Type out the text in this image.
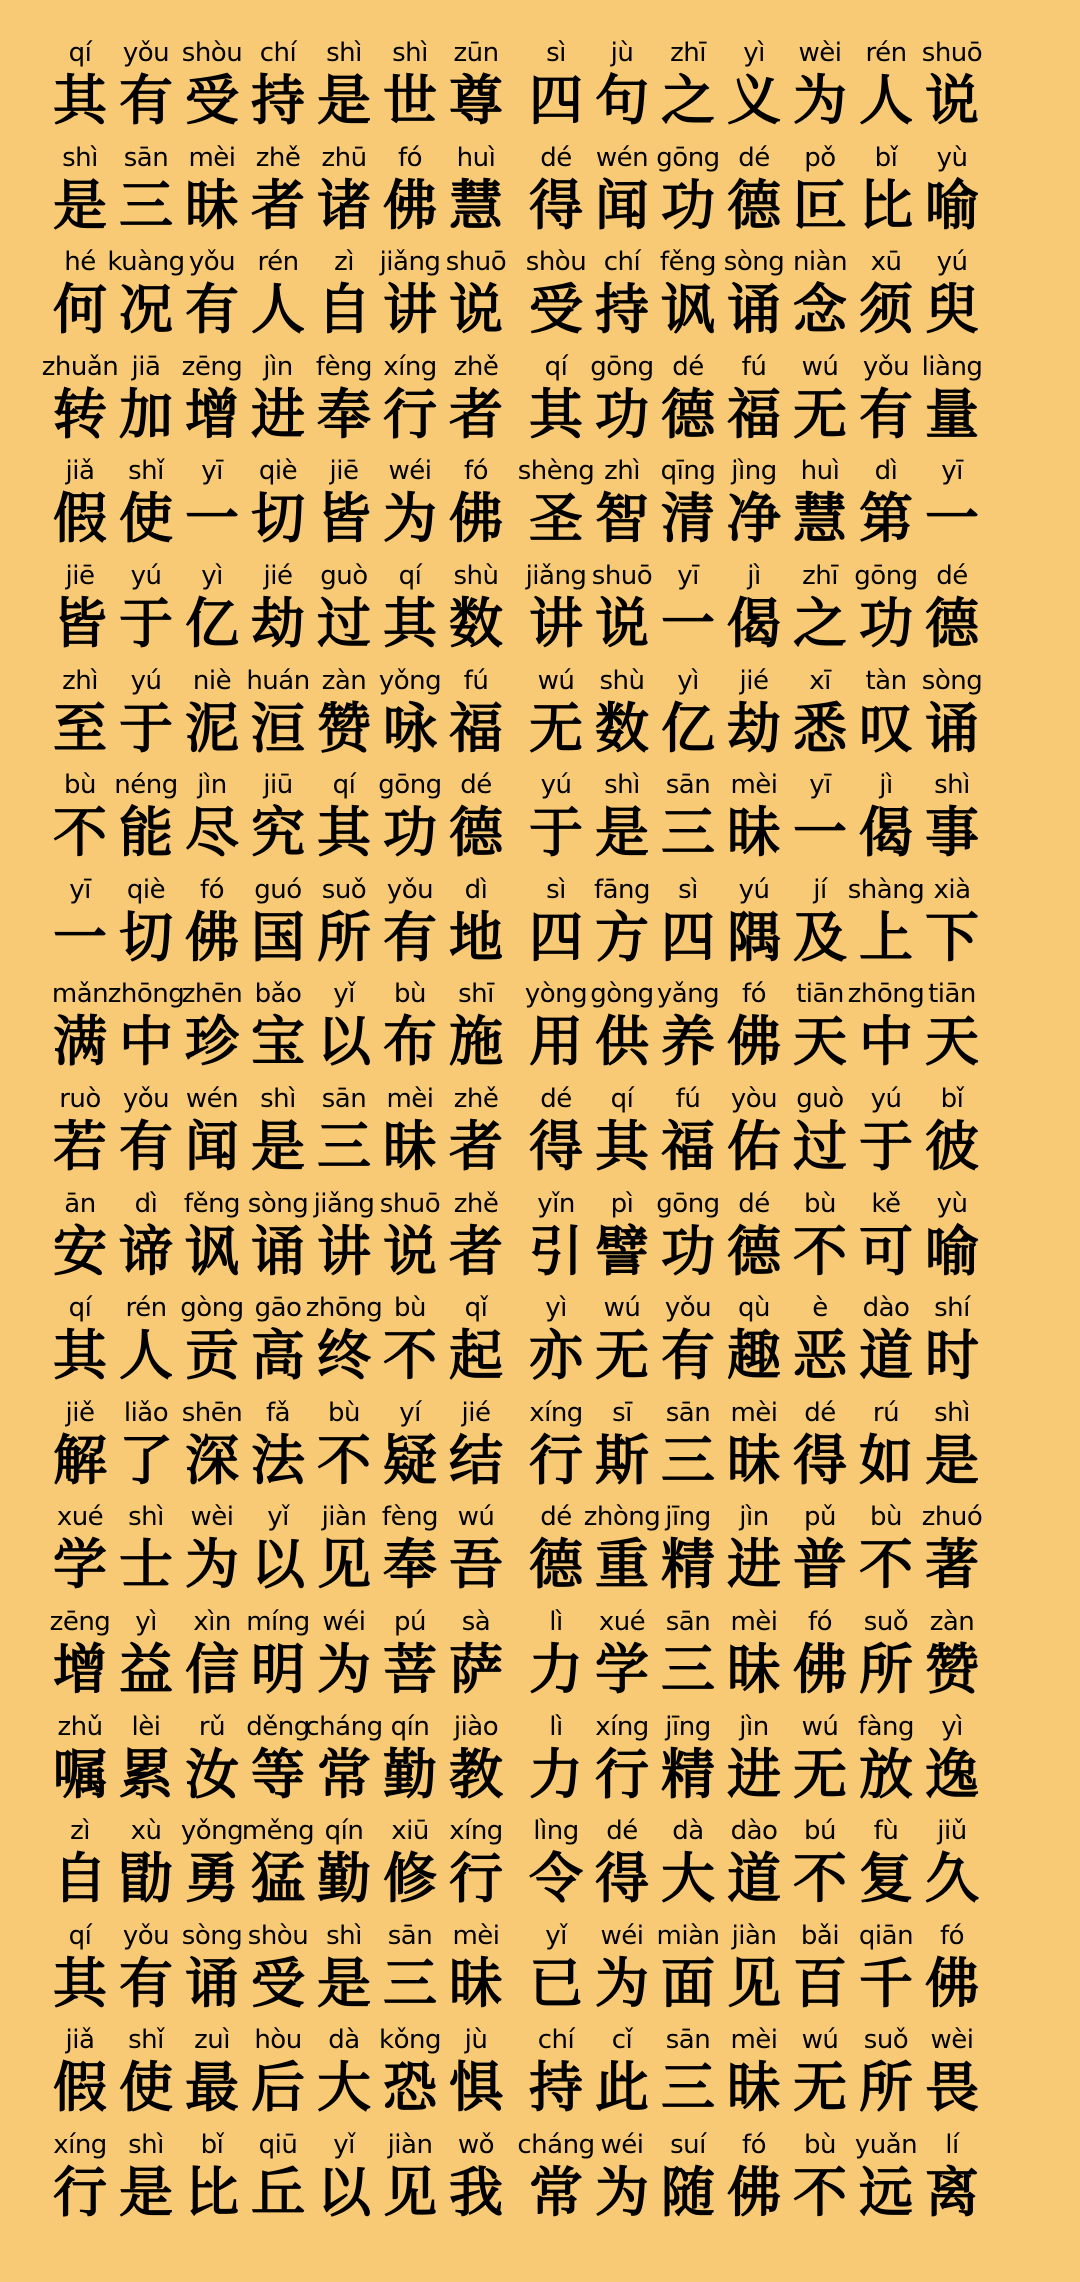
qí
其
yǒu
有
shòu
受
chí
持
shì
是
shì
世
zūn
尊
sì
四
jù
句
zhī
之
yì
义
wèi
为
rén
人
shuō
说
shì
是
sān
三
mèi
昧
zhě
者
zhū
诸
fó
佛
huì
慧
dé
得
wén
闻
gōng
功
dé
德
pǒ
叵
bǐ
比
yù
喻
hé
何
kuàng
况
yǒu
有
rén
人
zì
自
jiǎng
讲
shuō
说
shòu
受
chí
持
fěng
讽
sòng
诵
niàn
念
xū
须
yú
臾
zhuǎn
转
jiā
加
zēng
增
jìn
进
fèng
奉
xíng
行
zhě
者
qí
其
gōng
功
dé
德
fú
福
wú
无
yǒu
有
liàng
量
jiǎ
假
shǐ
使
yī
一
qiè
切
jiē
皆
wéi
为
fó
佛
shèng
圣
zhì
智
qīng
清
jìng
净
huì
慧
dì
第
yī
一
jiē
皆
yú
于
yì
亿
jié
劫
guò
过
qí
其
shù
数
jiǎng
讲
shuō
说
yī
一
jì
偈
zhī
之
gōng
功
dé
德
zhì
至
yú
于
niè
泥
huán
洹
zàn
赞
yǒng
咏
fú
福
wú
无
shù
数
yì
亿
jié
劫
xī
悉
tàn
叹
sòng
诵
bù
不
néng
能
jìn
尽
jiū
究
qí
其
gōng
功
dé
德
yú
于
shì
是
sān
三
mèi
昧
yī
一
jì
偈
shì
事
yī
一
qiè
切
fó
佛
guó
国
suǒ
所
yǒu
有
dì
地
sì
四
fāng
方
sì
四
yú
隅
jí
及
shàng
上
xià
下
mǎn
满
zhōng
中
zhēn
珍
bǎo
宝
yǐ
以
bù
布
shī
施
yòng
用
gòng
供
yǎng
养
fó
佛
tiān
天
zhōng
中
tiān
天
ruò
若
yǒu
有
wén
闻
shì
是
sān
三
mèi
昧
zhě
者
dé
得
qí
其
fú
福
yòu
佑
guò
过
yú
于
bǐ
彼
ān
安
dì
谛
fěng
讽
sòng
诵
jiǎng
讲
shuō
说
zhě
者
yǐn
引
pì
譬
gōng
功
dé
德
bù
不
kě
可
yù
喻
qí
其
rén
人
gòng
贡
gāo
高
zhōng
终
bù
不
qǐ
起
yì
亦
wú
无
yǒu
有
qù
趣
è
恶
dào
道
shí
时
jiě
解
liǎo
了
shēn
深
fǎ
法
bù
不
yí
疑
jié
结
xíng
行
sī
斯
sān
三
mèi
昧
dé
得
rú
如
shì
是
xué
学
shì
士
wèi
为
yǐ
以
jiàn
见
fèng
奉
wú
吾
dé
德
zhòng
重
jīng
精
jìn
进
pǔ
普
bù
不
zhuó
著
zēng
增
yì
益
xìn
信
míng
明
wéi
为
pú
菩
sà
萨
lì
力
xué
学
sān
三
mèi
昧
fó
佛
suǒ
所
zàn
赞
zhǔ
嘱
lèi
累
rǔ
汝
děng
等
cháng
常
qín
勤
jiào
教
lì
力
xíng
行
jīng
精
jìn
进
wú
无
fàng
放
yì
逸
zì
自
xù
勖
yǒng
勇
měng
猛
qín
勤
xiū
修
xíng
行
lìng
令
dé
得
dà
大
dào
道
bú
不
fù
复
jiǔ
久
qí
其
yǒu
有
sòng
诵
shòu
受
shì
是
sān
三
mèi
昧
yǐ
已
wéi
为
miàn
面
jiàn
见
bǎi
百
qiān
千
fó
佛
jiǎ
假
shǐ
使
zuì
最
hòu
后
dà
大
kǒng
恐
jù
惧
chí
持
cǐ
此
sān
三
mèi
昧
wú
无
suǒ
所
wèi
畏
xíng
行
shì
是
bǐ
比
qiū
丘
yǐ
以
jiàn
见
wǒ
我
cháng
常
wéi
为
suí
随
fó
佛
bù
不
yuǎn
远
lí
离
